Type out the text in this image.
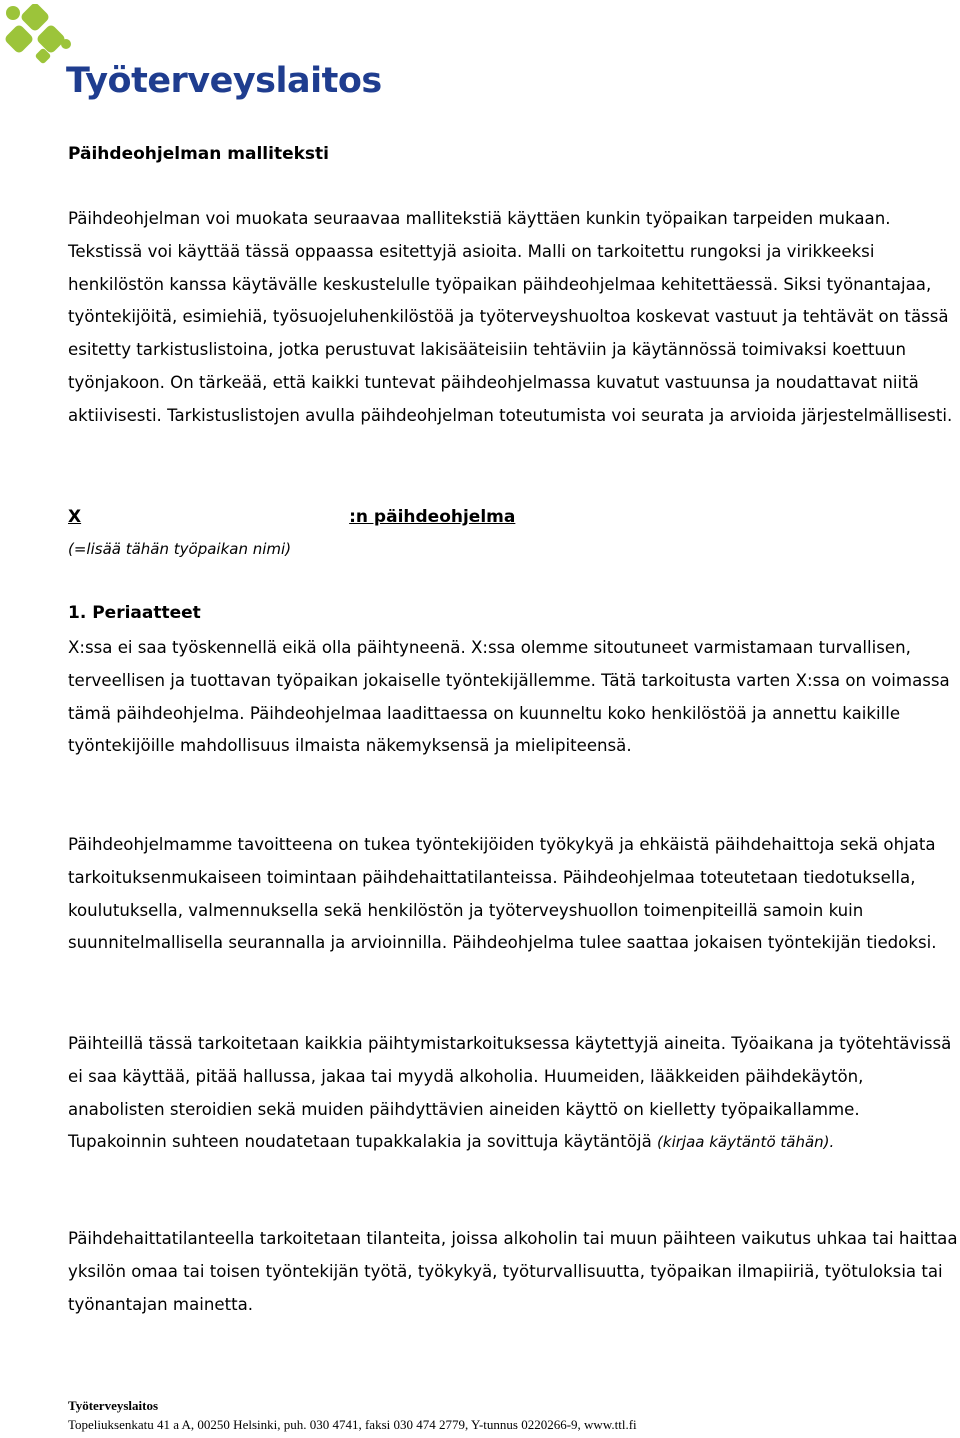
Työterveyslaitos
Päihdeohjelman malliteksti

Päihdeohjelman voi muokata seuraavaa mallitekstiä käyttäen kunkin työpaikan tarpeiden mukaan. Tekstissä voi käyttää tässä oppaassa esitettyjä asioita. Malli on tarkoitettu rungoksi ja virikkeeksi henkilöstön kanssa käytävälle keskustelulle työpaikan päihdeohjelmaa kehitettäessä. Siksi työnantajaa, työntekijöitä, esimiehiä, työsuojeluhenkilöstöä ja työterveyshuoltoa koskevat vastuut ja tehtävät on tässä esitetty tarkistuslistoina, jotka perustuvat lakisääteisiin tehtäviin ja käytännössä toimivaksi koettuun työnjakoon. On tärkeää, että kaikki tuntevat päihdeohjelmassa kuvatut vastuunsa ja noudattavat niitä aktiivisesti. Tarkistuslistojen avulla päihdeohjelman toteutumista voi seurata ja arvioida järjestelmällisesti.

X	:n päihdeohjelma
(=lisää tähän työpaikan nimi)
1. Periaatteet

X:ssa ei saa työskennellä eikä olla päihtyneenä. X:ssa olemme sitoutuneet varmistamaan turvallisen, terveellisen ja tuottavan työpaikan jokaiselle työntekijällemme. Tätä tarkoitusta varten X:ssa on voimassa tämä päihdeohjelma. Päihdeohjelmaa laadittaessa on kuunneltu koko henkilöstöä ja annettu kaikille työntekijöille mahdollisuus ilmaista näkemyksensä ja mielipiteensä.

Päihdeohjelmamme tavoitteena on tukea työntekijöiden työkykyä ja ehkäistä päihdehaittoja sekä ohjata tarkoituksenmukaiseen toimintaan päihdehaittatilanteissa. Päihdeohjelmaa toteutetaan tiedotuksella, koulutuksella, valmennuksella sekä henkilöstön ja työterveyshuollon toimenpiteillä samoin kuin suunnitelmallisella seurannalla ja arvioinnilla. Päihdeohjelma tulee saattaa jokaisen työntekijän tiedoksi.

Päihteillä tässä tarkoitetaan kaikkia päihtymistarkoituksessa käytettyjä aineita. Työaikana ja työtehtävissä ei saa käyttää, pitää hallussa, jakaa tai myydä alkoholia. Huumeiden, lääkkeiden päihdekäytön, anabolisten steroidien sekä muiden päihdyttävien aineiden käyttö on kielletty työpaikallamme. Tupakoinnin suhteen noudatetaan tupakkalakia ja sovittuja käytäntöjä (kirjaa käytäntö tähän).

Päihdehaittatilanteella tarkoitetaan tilanteita, joissa alkoholin tai muun päihteen vaikutus uhkaa tai haittaa yksilön omaa tai toisen työntekijän työtä, työkykyä, työturvallisuutta, työpaikan ilmapiiriä, työtuloksia tai työnantajan mainetta.

Työterveyslaitos
Topeliuksenkatu 41 a A, 00250 Helsinki, puh. 030 4741, faksi 030 474 2779, Y-tunnus 0220266-9, www.ttl.fi
